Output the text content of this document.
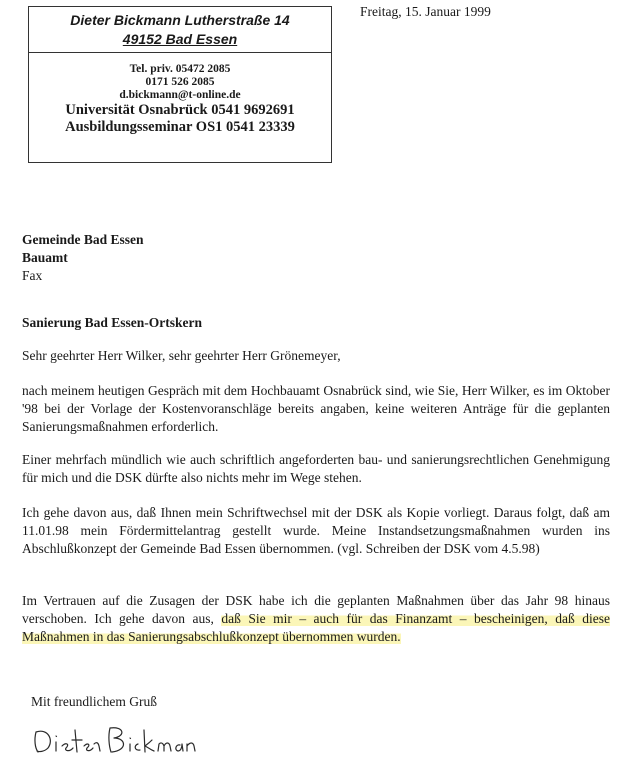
Dieter Bickmann Lutherstraße 14
49152 Bad Essen
Tel. priv. 05472 2085
0171 526 2085
d.bickmann@t-online.de
Universität Osnabrück 0541 9692691
Ausbildungsseminar OS1 0541 23339
Freitag, 15. Januar 1999
Gemeinde Bad Essen
Bauamt
Fax
Sanierung Bad Essen-Ortskern

Sehr geehrter Herr Wilker, sehr geehrter Herr Grönemeyer,

nach meinem heutigen Gespräch mit dem Hochbauamt Osnabrück sind, wie Sie, Herr Wilker, es im Oktober '98 bei der Vorlage der Kostenvoranschläge bereits angaben, keine weiteren Anträge für die geplanten Sanierungsmaßnahmen erforderlich.

Einer mehrfach mündlich wie auch schriftlich angeforderten bau- und sanierungsrechtlichen Genehmigung für mich und die DSK dürfte also nichts mehr im Wege stehen.

Ich gehe davon aus, daß Ihnen mein Schriftwechsel mit der DSK als Kopie vorliegt. Daraus folgt, daß am 11.01.98 mein Fördermittelantrag gestellt wurde. Meine Instandsetzungsmaßnahmen wurden ins Abschlußkonzept der Gemeinde Bad Essen übernommen. (vgl. Schreiben der DSK vom 4.5.98)

Im Vertrauen auf die Zusagen der DSK habe ich die geplanten Maßnahmen über das Jahr 98 hinaus verschoben. Ich gehe davon aus, daß Sie mir – auch für das Finanzamt – bescheinigen, daß diese Maßnahmen in das Sanierungsabschlußkonzept übernommen wurden.

Mit freundlichem Gruß
